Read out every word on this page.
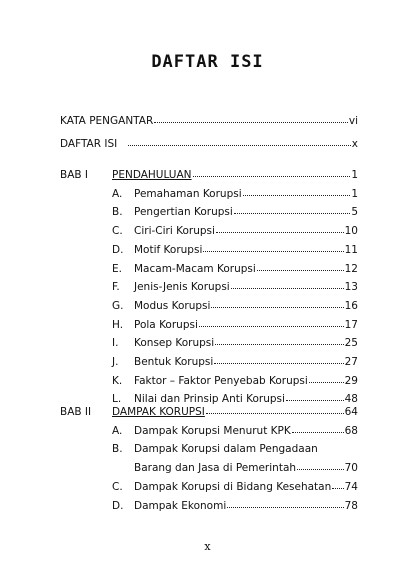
DAFTAR ISI
KATA PENGANTAR	vi
DAFTAR ISI	x
BAB I PENDAHULUAN	1
A.	Pemahaman Korupsi	1
B.	Pengertian Korupsi	5
C.	Ciri-Ciri Korupsi	10
D.	Motif Korupsi	11
E.	Macam-Macam Korupsi	12
F.	Jenis-Jenis Korupsi	13
G.	Modus Korupsi	16
H.	Pola Korupsi	17
I.	Konsep Korupsi	25
J.	Bentuk Korupsi	27
K.	Faktor – Faktor Penyebab Korupsi	29
L.	Nilai dan Prinsip Anti Korupsi	48
BAB II DAMPAK KORUPSI	64
A.	Dampak Korupsi Menurut KPK	68
B.	Dampak Korupsi dalam Pengadaan
Barang dan Jasa di Pemerintah	70
C.	Dampak Korupsi di Bidang Kesehatan 74
D.	Dampak Ekonomi	78
x
